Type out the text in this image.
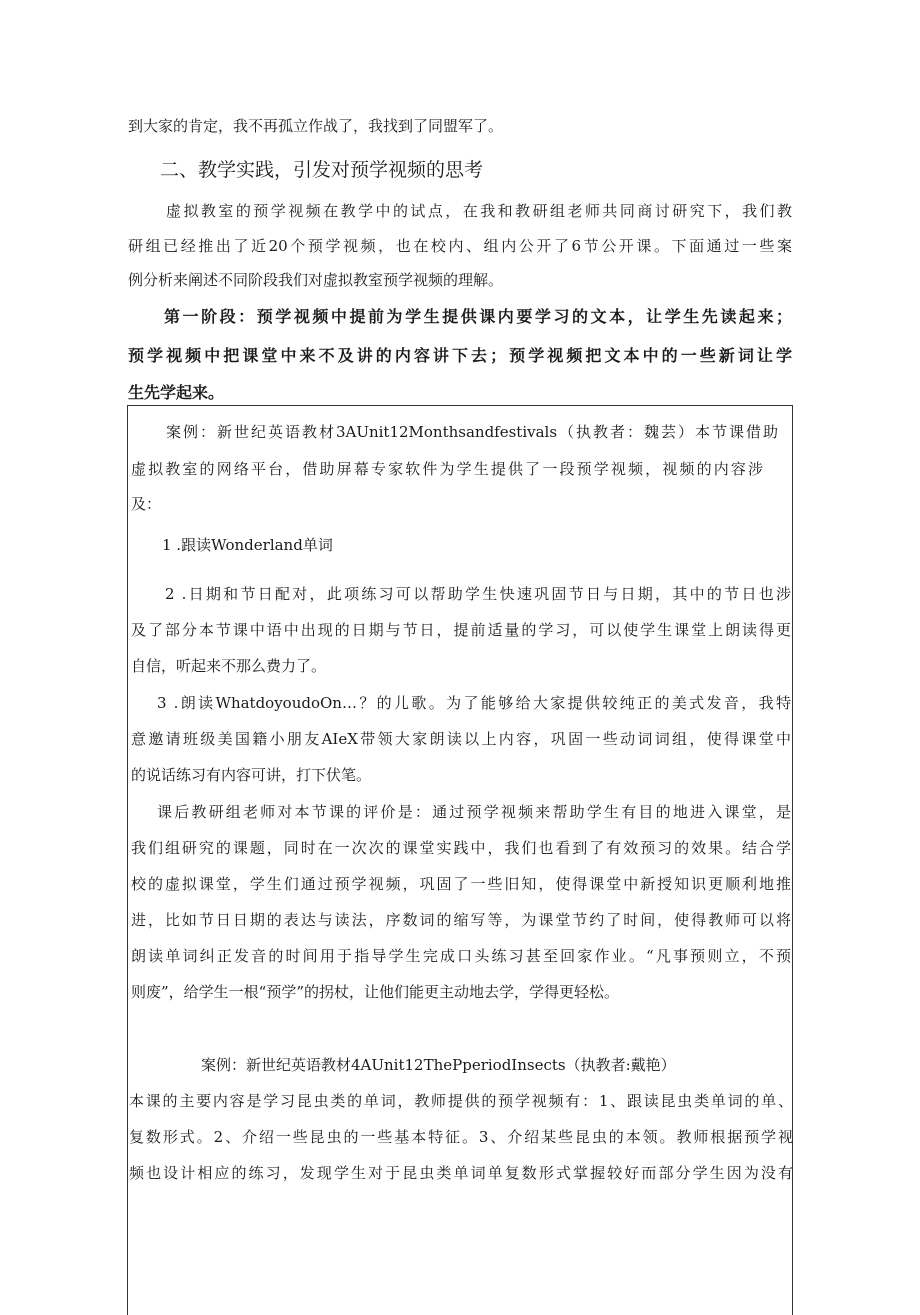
到大家的肯定，我不再孤立作战了，我找到了同盟军了。
二、教学实践，引发对预学视频的思考
虚拟教室的预学视频在教学中的试点，在我和教研组老师共同商讨研究下，我们教
研组已经推出了近20个预学视频，也在校内、组内公开了6节公开课。下面通过一些案
例分析来阐述不同阶段我们对虚拟教室预学视频的理解。
第一阶段：预学视频中提前为学生提供课内要学习的文本，让学生先读起来；
预学视频中把课堂中来不及讲的内容讲下去；预学视频把文本中的一些新词让学
生先学起来。
案例：新世纪英语教材3AUnit12Monthsandfestivals（执教者：魏芸）本节课借助
虚拟教室的网络平台，借助屏幕专家软件为学生提供了一段预学视频，视频的内容涉
及：
1 .跟读Wonderland单词
2 .日期和节日配对，此项练习可以帮助学生快速巩固节日与日期，其中的节日也涉
及了部分本节课中语中出现的日期与节日，提前适量的学习，可以使学生课堂上朗读得更
自信，听起来不那么费力了。
3 .朗读WhatdoyoudoOn…？的儿歌。为了能够给大家提供较纯正的美式发音，我特
意邀请班级美国籍小朋友AIeX带领大家朗读以上内容，巩固一些动词词组，使得课堂中
的说话练习有内容可讲，打下伏笔。
课后教研组老师对本节课的评价是：通过预学视频来帮助学生有目的地进入课堂，是
我们组研究的课题，同时在一次次的课堂实践中，我们也看到了有效预习的效果。结合学
校的虚拟课堂，学生们通过预学视频，巩固了一些旧知，使得课堂中新授知识更顺利地推
进，比如节日日期的表达与读法，序数词的缩写等，为课堂节约了时间，使得教师可以将
朗读单词纠正发音的时间用于指导学生完成口头练习甚至回家作业。“凡事预则立，不预
则废”，给学生一根“预学”的拐杖，让他们能更主动地去学，学得更轻松。
案例：新世纪英语教材4AUnit12ThePperiodInsects（执教者:戴艳）
本课的主要内容是学习昆虫类的单词，教师提供的预学视频有：1、跟读昆虫类单词的单、
复数形式。2、介绍一些昆虫的一些基本特征。3、介绍某些昆虫的本领。教师根据预学视
频也设计相应的练习，发现学生对于昆虫类单词单复数形式掌握较好而部分学生因为没有
